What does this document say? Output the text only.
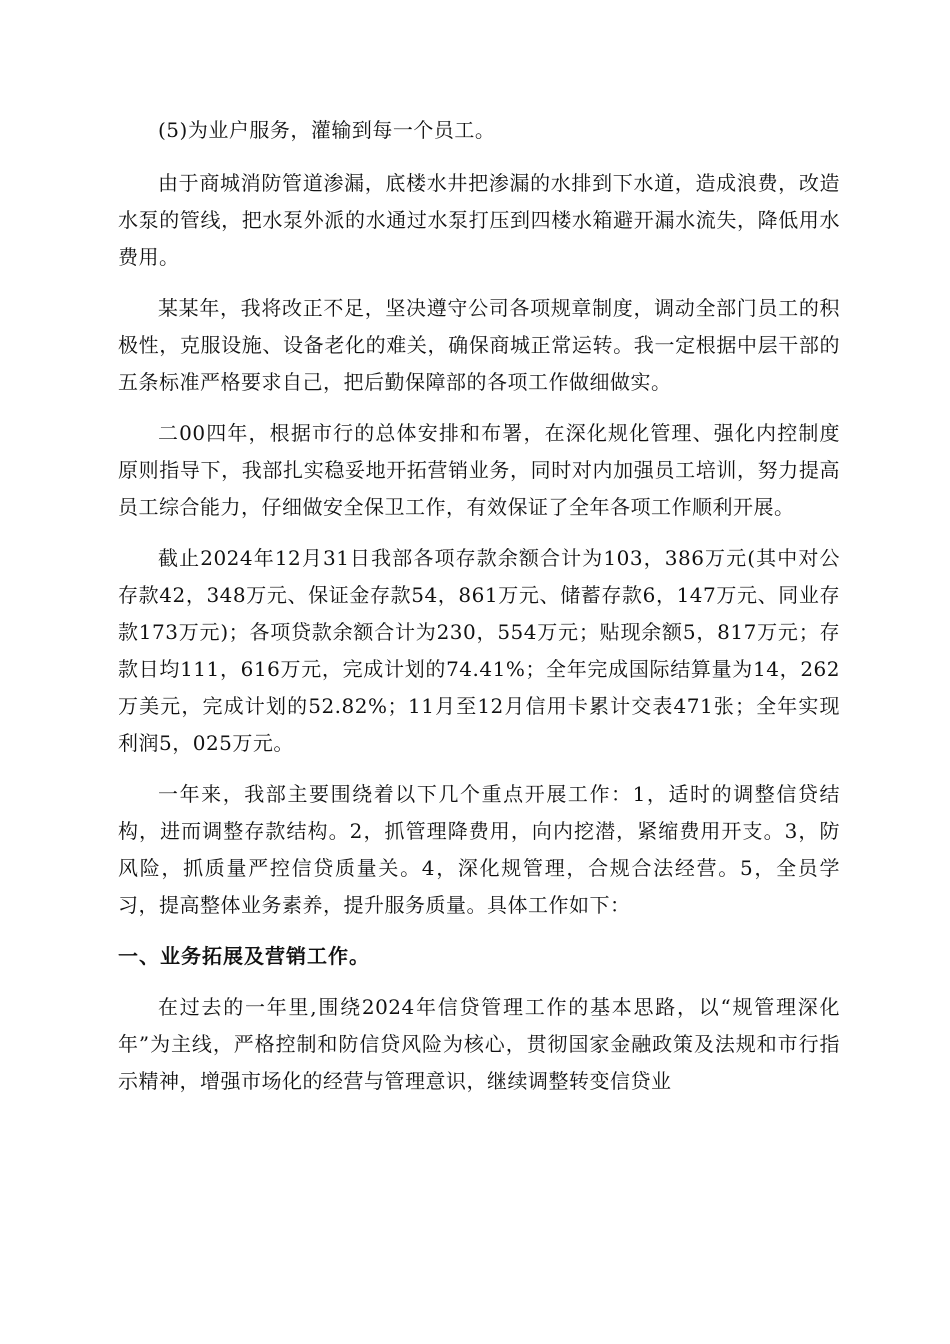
(5)为业户服务，灌输到每一个员工。

由于商城消防管道渗漏，底楼水井把渗漏的水排到下水道，造成浪费，改造水泵的管线，把水泵外派的水通过水泵打压到四楼水箱避开漏水流失，降低用水费用。

某某年，我将改正不足，坚决遵守公司各项规章制度，调动全部门员工的积极性，克服设施、设备老化的难关，确保商城正常运转。我一定根据中层干部的五条标准严格要求自己，把后勤保障部的各项工作做细做实。

二00四年，根据市行的总体安排和布署，在深化规化管理、强化内控制度原则指导下，我部扎实稳妥地开拓营销业务，同时对内加强员工培训，努力提高员工综合能力，仔细做安全保卫工作，有效保证了全年各项工作顺利开展。

截止2024年12月31日我部各项存款余额合计为103，386万元(其中对公存款42，348万元、保证金存款54，861万元、储蓄存款6，147万元、同业存款173万元)；各项贷款余额合计为230，554万元；贴现余额5，817万元；存款日均111，616万元，完成计划的74.41%；全年完成国际结算量为14，262万美元，完成计划的52.82%；11月至12月信用卡累计交表471张；全年实现利润5，025万元。

一年来，我部主要围绕着以下几个重点开展工作：1，适时的调整信贷结构，进而调整存款结构。2，抓管理降费用，向内挖潜，紧缩费用开支。3，防风险，抓质量严控信贷质量关。4，深化规管理，合规合法经营。5，全员学习，提高整体业务素养，提升服务质量。具体工作如下：

一、业务拓展及营销工作。

在过去的一年里,围绕2024年信贷管理工作的基本思路，以“规管理深化年”为主线，严格控制和防信贷风险为核心，贯彻国家金融政策及法规和市行指示精神，增强市场化的经营与管理意识，继续调整转变信贷业
